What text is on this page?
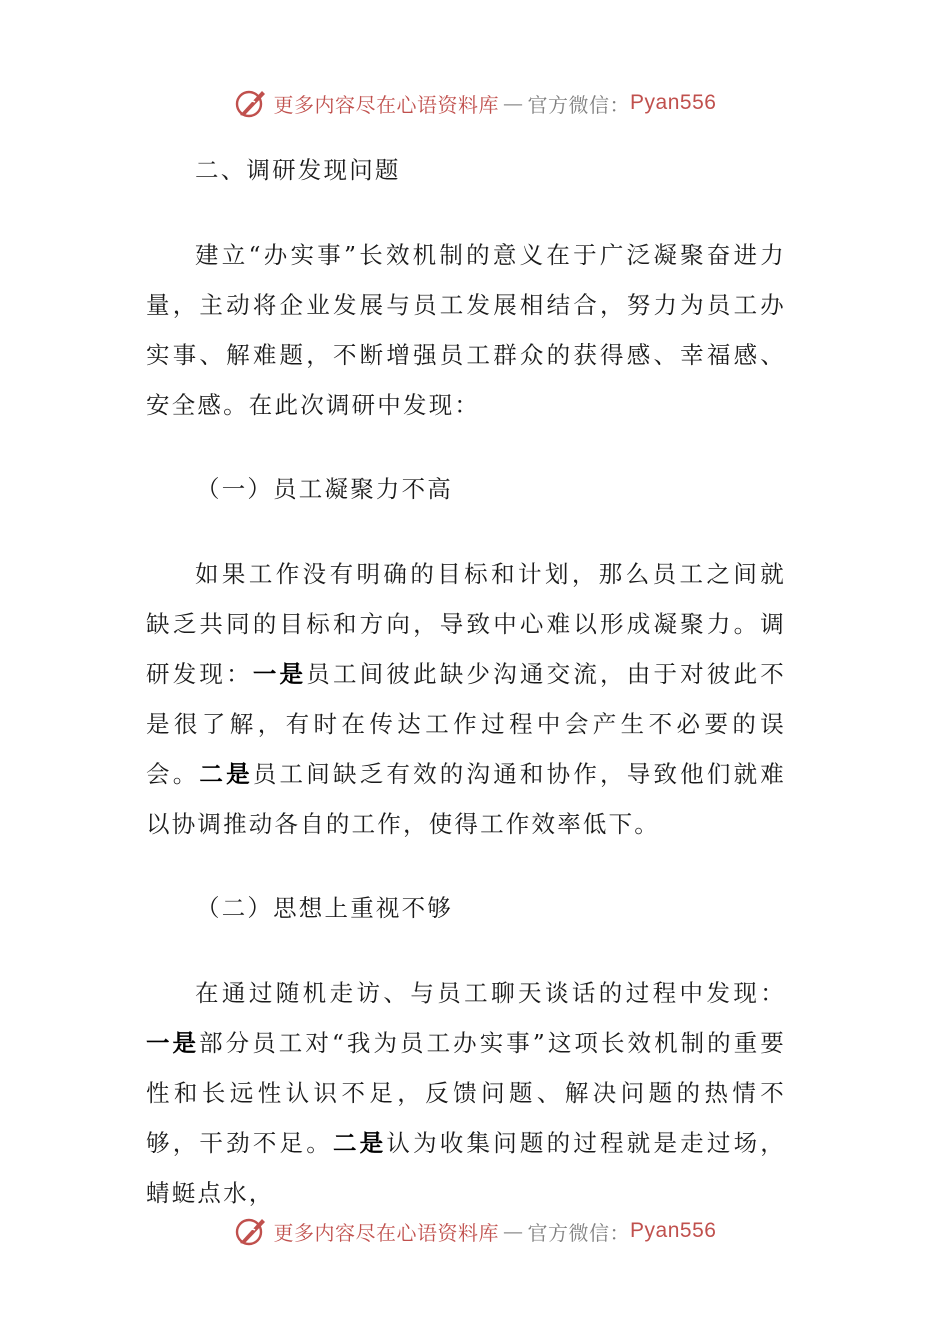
更多内容尽在心语资料库 — 官方微信： Pyan556

二、调研发现问题

建立“办实事”长效机制的意义在于广泛凝聚奋进力量，主动将企业发展与员工发展相结合，努力为员工办实事、解难题，不断增强员工群众的获得感、幸福感、安全感。在此次调研中发现：

（一）员工凝聚力不高

如果工作没有明确的目标和计划，那么员工之间就缺乏共同的目标和方向，导致中心难以形成凝聚力。调研发现：一是员工间彼此缺少沟通交流，由于对彼此不是很了解，有时在传达工作过程中会产生不必要的误会。二是员工间缺乏有效的沟通和协作，导致他们就难以协调推动各自的工作，使得工作效率低下。

（二）思想上重视不够

在通过随机走访、与员工聊天谈话的过程中发现：一是部分员工对“我为员工办实事”这项长效机制的重要性和长远性认识不足，反馈问题、解决问题的热情不够，干劲不足。二是认为收集问题的过程就是走过场，蜻蜓点水，

更多内容尽在心语资料库 — 官方微信： Pyan556
